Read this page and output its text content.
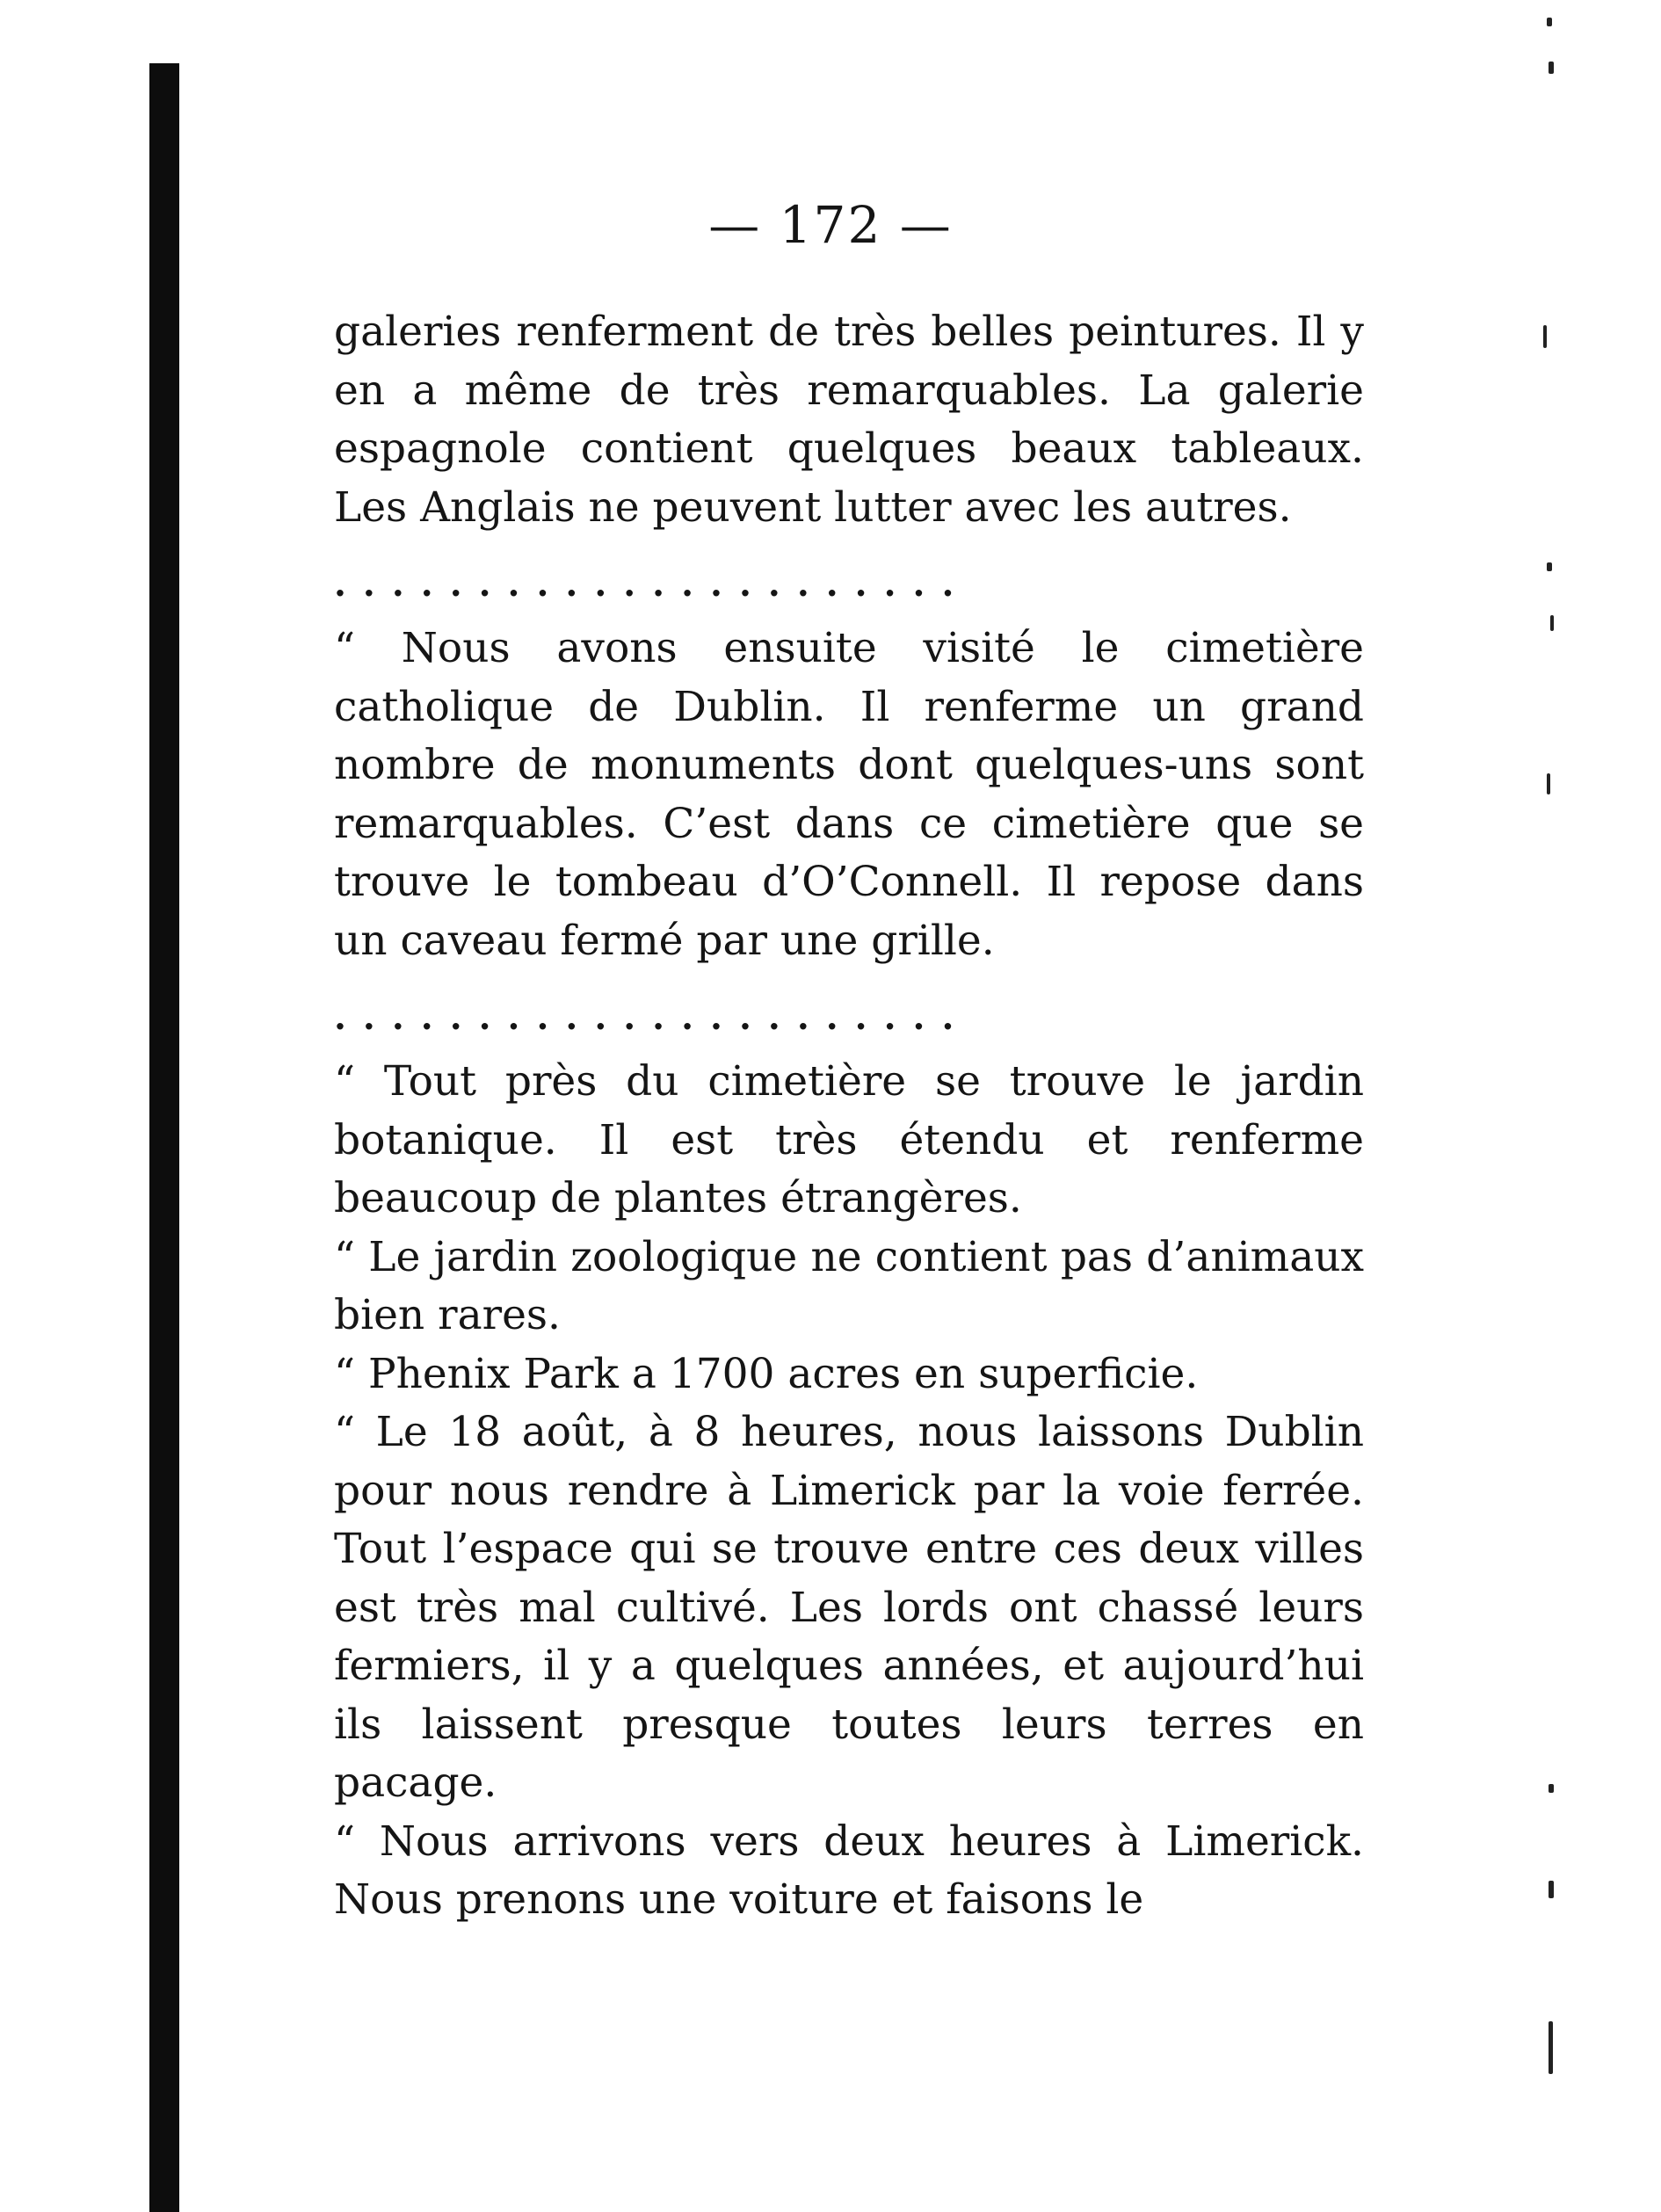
— 172 —

galeries renferment de très belles peintures. Il y en a même de très remarquables. La galerie espagnole contient quelques beaux tableaux. Les Anglais ne peuvent lutter avec les autres.

......................

“ Nous avons ensuite visité le cimetière catholique de Dublin. Il renferme un grand nombre de monuments dont quelques-uns sont remarquables. C’est dans ce cimetière que se trouve le tombeau d’O’Connell. Il repose dans un caveau fermé par une grille.

......................

“ Tout près du cimetière se trouve le jardin botanique. Il est très étendu et renferme beaucoup de plantes étrangères.

“ Le jardin zoologique ne contient pas d’animaux bien rares.

“ Phenix Park a 1700 acres en superficie.

“ Le 18 août, à 8 heures, nous laissons Dublin pour nous rendre à Limerick par la voie ferrée. Tout l’espace qui se trouve entre ces deux villes est très mal cultivé. Les lords ont chassé leurs fermiers, il y a quelques années, et aujourd’hui ils laissent presque toutes leurs terres en pacage.

“ Nous arrivons vers deux heures à Limerick. Nous prenons une voiture et faisons le
